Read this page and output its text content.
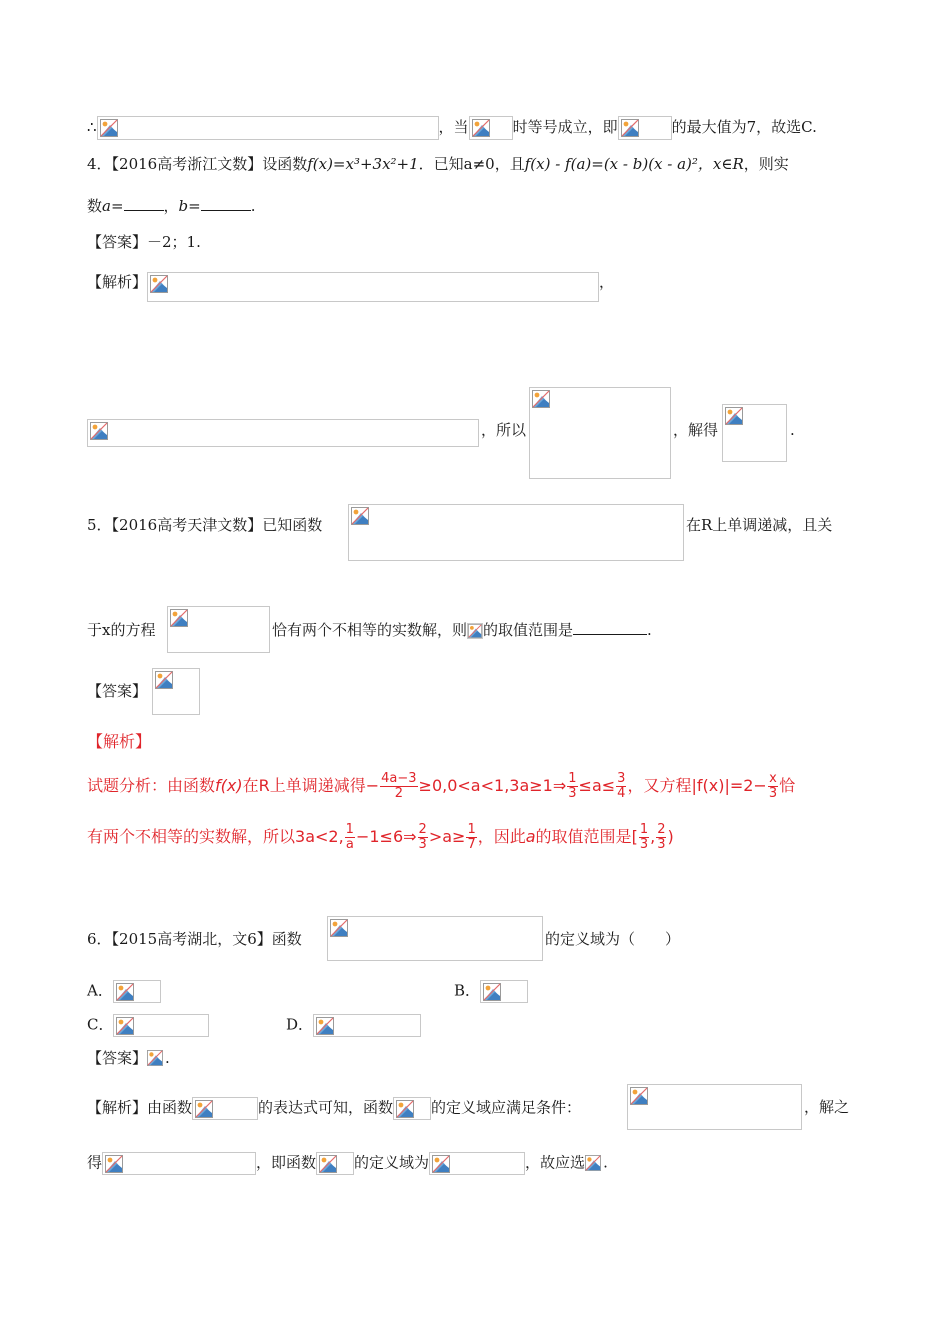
∴	，当	时等号成立，即	的最大值为7，故选C.
4．【2016高考浙江文数】设函数f(x)=x³+3x²+1．已知a≠0，且f(x) - f(a)=(x - b)(x - a)²，x∈R，则实
数a=	，b=	.
【答案】－2；1.
【解析】	，
，所以	，解得	.
5．【2016高考天津文数】已知函数	在R上单调递减，且关
于x的方程	恰有两个不相等的实数解，则 的取值范围是	.
【答案】
【解析】
试题分析：由函数f(x)在R上单调递减得− $\frac{4a-3}{2}$ ≥0,0<a<1,3a≥1⇒ $\frac{1}{3} \le a\le \frac{3}{4}$ ，又方程$|f(x)|=2- \frac{x}{3}$ 恰
有两个不相等的实数解，所以3a<2, $\frac{1}{a}$ −1≤6⇒ $\frac{2}{3} >a\ge \frac{1}{7}$ ，因此a的取值范围是[ $\frac{1}{3}$ , $\frac{2}{3}$ )
6．【2015高考湖北，文6】函数	的定义域为（　　）
A．	B．
C．	D．
【答案】 .
【解析】由函数	的表达式可知，函数	的定义域应满足条件：	，解之
得	，即函数	的定义域为	，故应选 .
